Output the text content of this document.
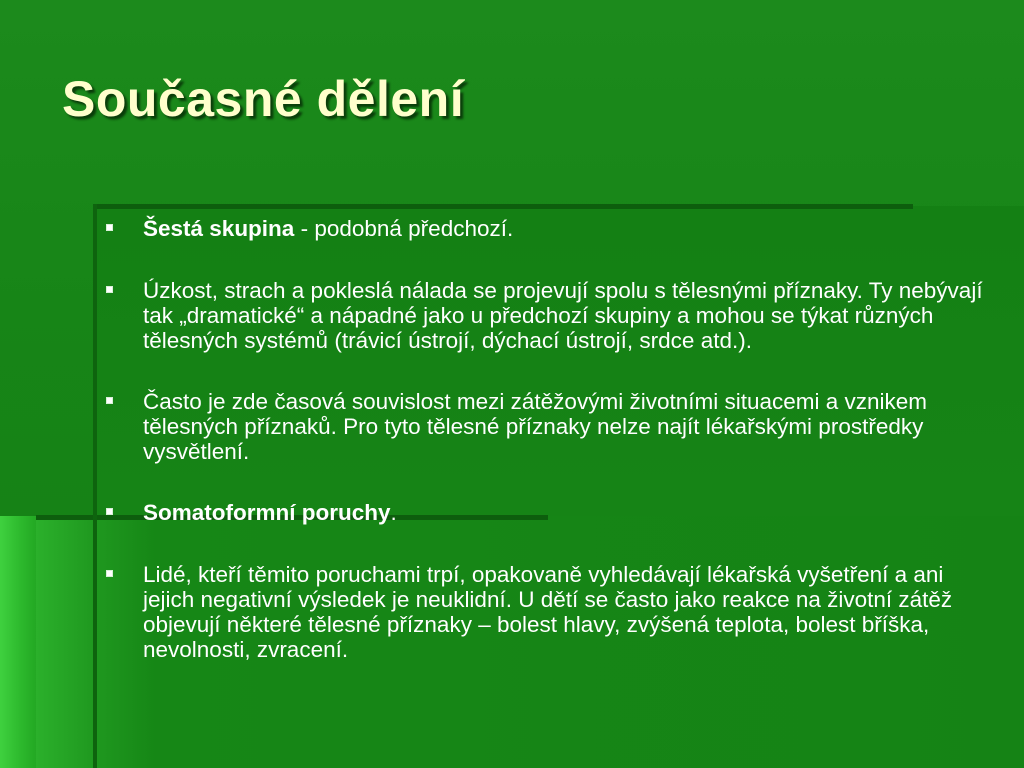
Současné dělení
Šestá skupina - podobná předchozí.
Úzkost, strach a pokleslá nálada se projevují spolu s tělesnými příznaky. Ty nebývají tak „dramatické“ a nápadné jako u předchozí skupiny a mohou se týkat různých tělesných systémů (trávicí ústrojí, dýchací ústrojí, srdce atd.).
Často je zde časová souvislost mezi zátěžovými životními situacemi a vznikem tělesných příznaků. Pro tyto tělesné příznaky nelze najít lékařskými prostředky vysvětlení.
Somatoformní poruchy.
Lidé, kteří těmito poruchami trpí, opakovaně vyhledávají lékařská vyšetření a ani jejich negativní výsledek je neuklidní. U dětí se často jako reakce na životní zátěž objevují některé tělesné příznaky – bolest hlavy, zvýšená teplota, bolest bříška, nevolnosti, zvracení.
